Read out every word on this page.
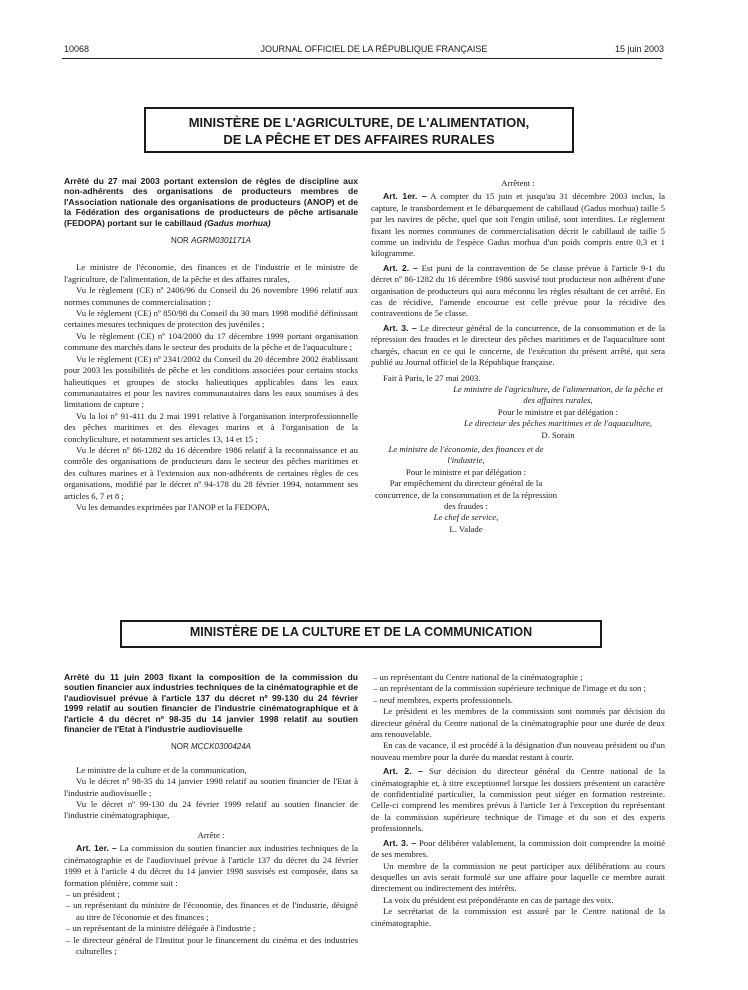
10068	JOURNAL OFFICIEL DE LA RÉPUBLIQUE FRANÇAISE	15 juin 2003
MINISTÈRE DE L'AGRICULTURE, DE L'ALIMENTATION,
DE LA PÊCHE ET DES AFFAIRES RURALES
Arrêté du 27 mai 2003 portant extension de règles de discipline aux non-adhérents des organisations de producteurs membres de l'Association nationale des organisations de producteurs (ANOP) et de la Fédération des organisations de producteurs de pêche artisanale (FEDOPA) portant sur le cabillaud (Gadus morhua)
NOR AGRM0301171A

Le ministre de l'économie, des finances et de l'industrie et le ministre de l'agriculture, de l'alimentation, de la pêche et des affaires rurales,

Vu le règlement (CE) nº 2406/96 du Conseil du 26 novembre 1996 relatif aux normes communes de commercialisation ;

Vu le règlement (CE) nº 850/98 du Conseil du 30 mars 1998 modifié définissant certaines mesures techniques de protection des juvéniles ;

Vu le règlement (CE) nº 104/2000 du 17 décembre 1999 portant organisation commune des marchés dans le secteur des produits de la pêche et de l'aquaculture ;

Vu le règlement (CE) nº 2341/2002 du Conseil du 20 décembre 2002 établissant pour 2003 les possibilités de pêche et les conditions associées pour certains stocks halieutiques et groupes de stocks halieutiques applicables dans les eaux communautaires et pour les navires communautaires dans les eaux soumises à des limitations de capture ;

Vu la loi nº 91-411 du 2 mai 1991 relative à l'organisation interprofessionnelle des pêches maritimes et des élevages marins et à l'organisation de la conchyliculture, et notamment ses articles 13, 14 et 15 ;

Vu le décret nº 86-1282 du 16 décembre 1986 relatif à la reconnaissance et au contrôle des organisations de producteurs dans le secteur des pêches maritimes et des cultures marines et à l'extension aux non-adhérents de certaines règles de ces organisations, modifié par le décret nº 94-178 du 28 février 1994, notamment ses articles 6, 7 et 8 ;

Vu les demandes exprimées par l'ANOP et la FEDOPA,

Arrêtent :

Art. 1er. – A compter du 15 juin et jusqu'au 31 décembre 2003 inclus, la capture, le transbordement et le débarquement de cabillaud (Gadus morhua) taille 5 par les navires de pêche, quel que soit l'engin utilisé, sont interdites. Le règlement fixant les normes communes de commercialisation décrit le cabillaud de taille 5 comme un individu de l'espèce Gadus morhua d'un poids compris entre 0,3 et 1 kilogramme.

Art. 2. – Est puni de la contravention de 5e classe prévue à l'article 9-1 du décret nº 86-1282 du 16 décembre 1986 susvisé tout producteur non adhérent d'une organisation de producteurs qui aura méconnu les règles résultant de cet arrêté. En cas de récidive, l'amende encourue est celle prévue pour la récidive des contraventions de 5e classe.

Art. 3. – Le directeur général de la concurrence, de la consommation et de la répression des fraudes et le directeur des pêches maritimes et de l'aquaculture sont chargés, chacun en ce qui le concerne, de l'exécution du présent arrêté, qui sera publié au Journal officiel de la République française.

Fait à Paris, le 27 mai 2003.

Le ministre de l'agriculture, de l'alimentation, de la pêche et des affaires rurales,

Pour le ministre et par délégation :

Le directeur des pêches maritimes et de l'aquaculture,

D. Sorain

Le ministre de l'économie, des finances et de l'industrie,

Pour le ministre et par délégation :

Par empêchement du directeur général de la concurrence, de la consommation et de la répression des fraudes :

Le chef de service,

L. Valade

MINISTÈRE DE LA CULTURE ET DE LA COMMUNICATION
Arrêté du 11 juin 2003 fixant la composition de la commission du soutien financier aux industries techniques de la cinématographie et de l'audiovisuel prévue à l'article 137 du décret nº 99-130 du 24 février 1999 relatif au soutien financier de l'industrie cinématographique et à l'article 4 du décret nº 98-35 du 14 janvier 1998 relatif au soutien financier de l'Etat à l'industrie audiovisuelle
NOR MCCK0300424A

Le ministre de la culture et de la communication,

Vu le décret nº 98-35 du 14 janvier 1998 relatif au soutien financier de l'Etat à l'industrie audiovisuelle ;

Vu le décret nº 99-130 du 24 février 1999 relatif au soutien financier de l'industrie cinématographique,

Arrête :

Art. 1er. – La commission du soutien financier aux industries techniques de la cinématographie et de l'audiovisuel prévue à l'article 137 du décret du 24 février 1999 et à l'article 4 du décret du 14 janvier 1998 susvisés est composée, dans sa formation plénière, comme suit :

– un président ;

– un représentant du ministre de l'économie, des finances et de l'industrie, désigné au titre de l'économie et des finances ;

– un représentant de la ministre déléguée à l'industrie ;

– le directeur général de l'Institut pour le financement du cinéma et des industries culturelles ;

– un représentant du Centre national de la cinématographie ;

– un représentant de la commission supérieure technique de l'image et du son ;

– neuf membres, experts professionnels.

Le président et les membres de la commission sont nommés par décision du directeur général du Centre national de la cinématographie pour une durée de deux ans renouvelable.

En cas de vacance, il est procédé à la désignation d'un nouveau président ou d'un nouveau membre pour la durée du mandat restant à courir.

Art. 2. – Sur décision du directeur général du Centre national de la cinématographie et, à titre exceptionnel lorsque les dossiers présentent un caractère de confidentialité particulier, la commission peut siéger en formation restreinte. Celle-ci comprend les membres prévus à l'article 1er à l'exception du représentant de la commission supérieure technique de l'image et du son et des experts professionnels.

Art. 3. – Pour délibérer valablement, la commission doit comprendre la moitié de ses membres.

Un membre de la commission ne peut participer aux délibérations au cours desquelles un avis serait formulé sur une affaire pour laquelle ce membre aurait directement ou indirectement des intérêts.

La voix du président est prépondérante en cas de partage des voix.

Le secrétariat de la commission est assuré par le Centre national de la cinématographie.
